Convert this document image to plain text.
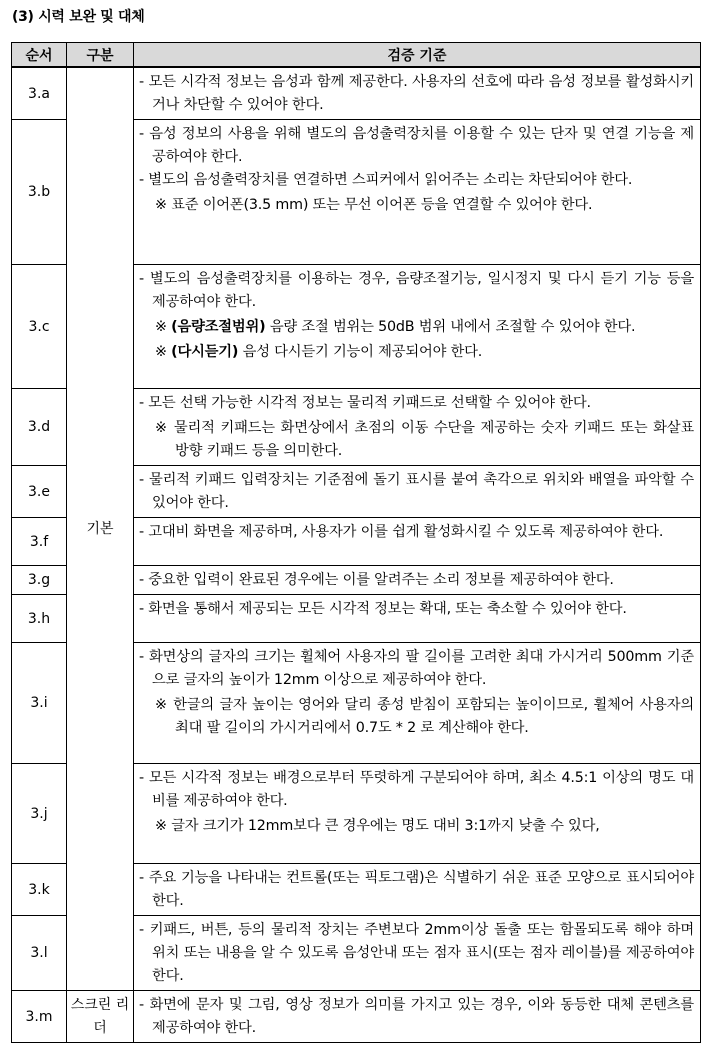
(3) 시력 보완 및 대체
순서	구분	검증 기준
3.a	기본	- 모든 시각적 정보는 음성과 함께 제공한다. 사용자의 선호에 따라 음성 정보를 활성화시키거나 차단할 수 있어야 한다.

3.b		- 음성 정보의 사용을 위해 별도의 음성출력장치를 이용할 수 있는 단자 및 연결 기능을 제공하여야 한다.
- 별도의 음성출력장치를 연결하면 스피커에서 읽어주는 소리는 차단되어야 한다.
※ 표준 이어폰(3.5 mm) 또는 무선 이어폰 등을 연결할 수 있어야 한다.

3.c		- 별도의 음성출력장치를 이용하는 경우, 음량조절기능, 일시정지 및 다시 듣기 기능 등을 제공하여야 한다.
※ (음량조절범위) 음량 조절 범위는 50dB 범위 내에서 조절할 수 있어야 한다.
※ (다시듣기) 음성 다시듣기 기능이 제공되어야 한다.

3.d		- 모든 선택 가능한 시각적 정보는 물리적 키패드로 선택할 수 있어야 한다.
※ 물리적 키패드는 화면상에서 초점의 이동 수단을 제공하는 숫자 키패드 또는 화살표 방향 키패드 등을 의미한다.

3.e		- 물리적 키패드 입력장치는 기준점에 돌기 표시를 붙여 촉각으로 위치와 배열을 파악할 수 있어야 한다.

3.f		- 고대비 화면을 제공하며, 사용자가 이를 쉽게 활성화시킬 수 있도록 제공하여야 한다.

3.g		- 중요한 입력이 완료된 경우에는 이를 알려주는 소리 정보를 제공하여야 한다.

3.h		- 화면을 통해서 제공되는 모든 시각적 정보는 확대, 또는 축소할 수 있어야 한다.

3.i		- 화면상의 글자의 크기는 휠체어 사용자의 팔 길이를 고려한 최대 가시거리 500mm 기준으로 글자의 높이가 12mm 이상으로 제공하여야 한다.
※ 한글의 글자 높이는 영어와 달리 종성 받침이 포함되는 높이이므로, 휠체어 사용자의 최대 팔 길이의 가시거리에서 0.7도 * 2 로 계산해야 한다.

3.j		- 모든 시각적 정보는 배경으로부터 뚜렷하게 구분되어야 하며, 최소 4.5:1 이상의 명도 대비를 제공하여야 한다.
※ 글자 크기가 12mm보다 큰 경우에는 명도 대비 3:1까지 낮출 수 있다,

3.k		- 주요 기능을 나타내는 컨트롤(또는 픽토그램)은 식별하기 쉬운 표준 모양으로 표시되어야 한다.

3.l		- 키패드, 버튼, 등의 물리적 장치는 주변보다 2mm이상 돌출 또는 함몰되도록 해야 하며 위치 또는 내용을 알 수 있도록 음성안내 또는 점자 표시(또는 점자 레이블)를 제공하여야 한다.

3.m	스크린 리더	- 화면에 문자 및 그림, 영상 정보가 의미를 가지고 있는 경우, 이와 동등한 대체 콘텐츠를 제공하여야 한다.
